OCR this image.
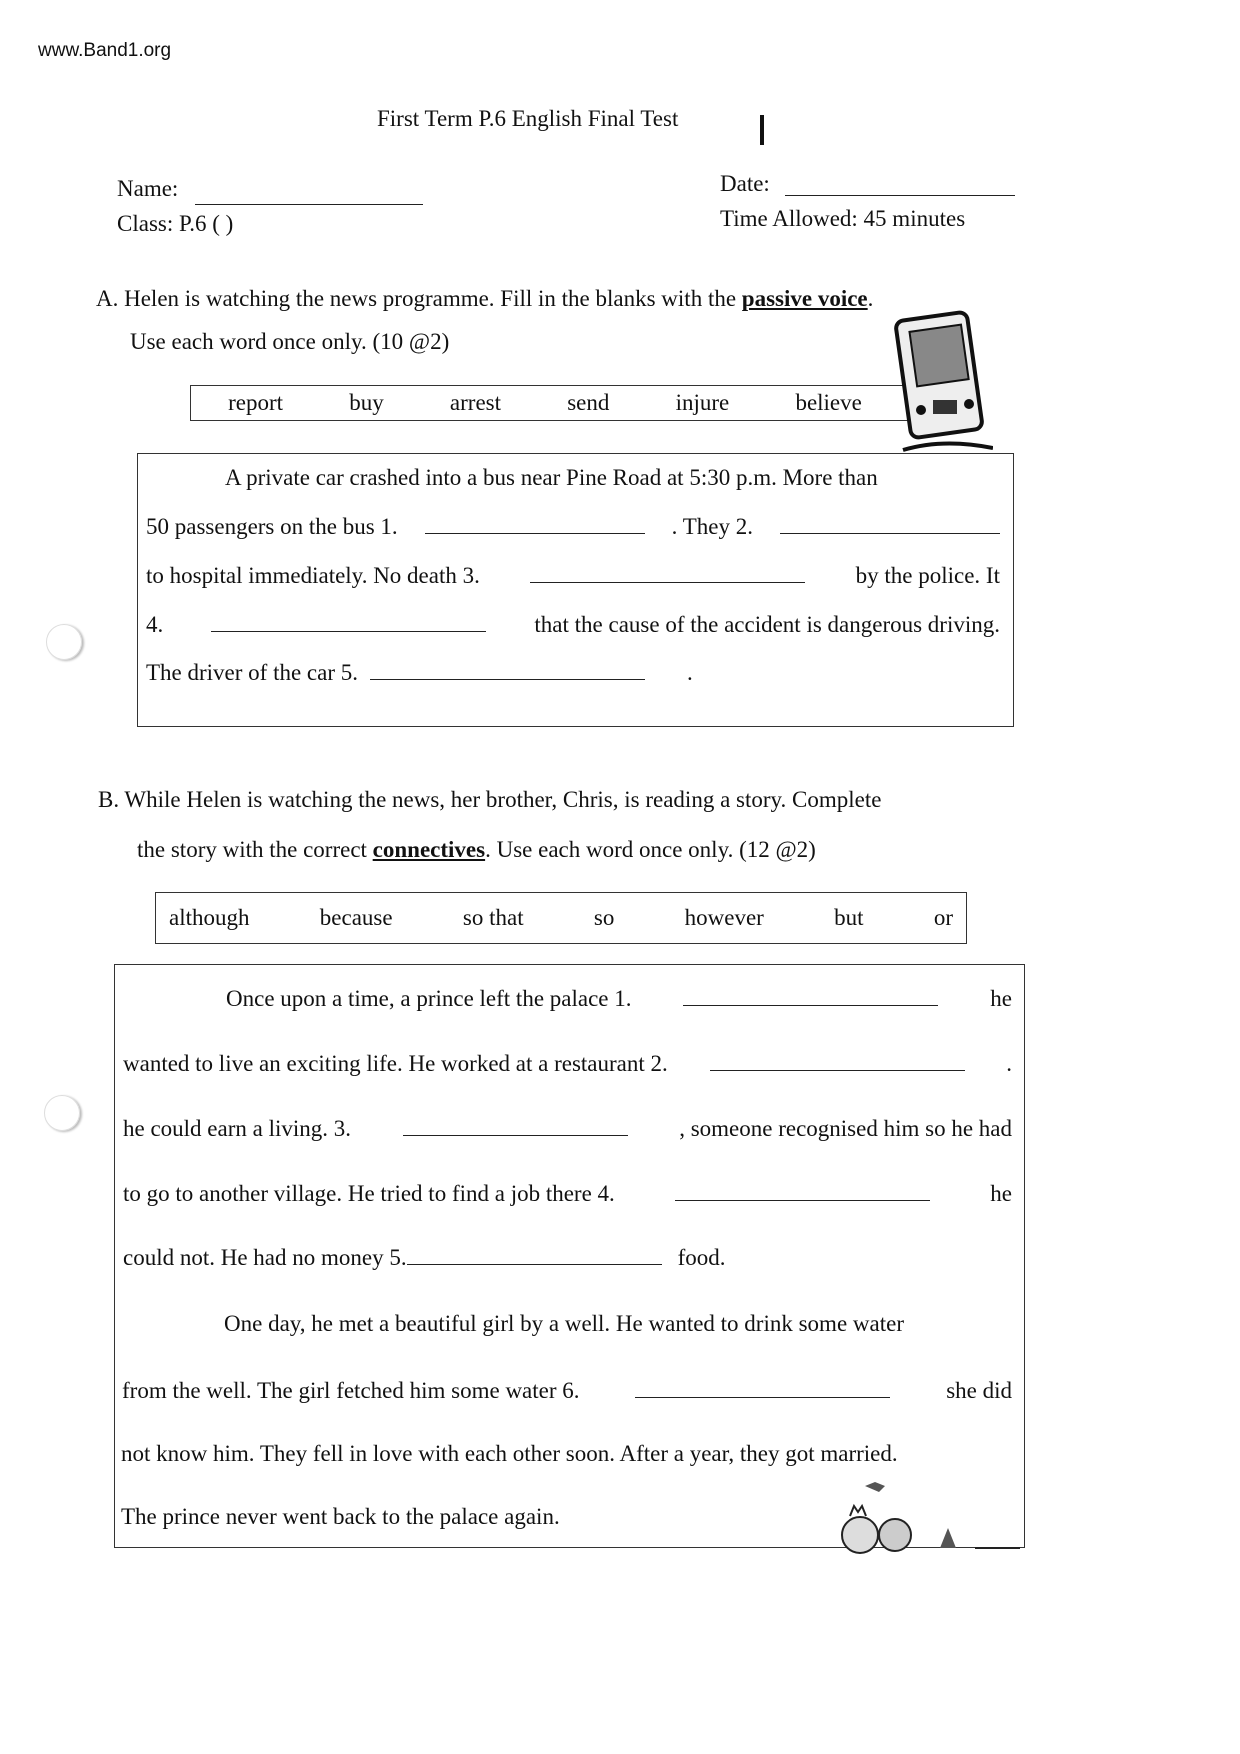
www.Band1.org
First Term P.6 English Final Test
Name:
Class: P.6 ( )
Date:
Time Allowed: 45 minutes
A. Helen is watching the news programme. Fill in the blanks with the passive voice.
Use each word once only. (10 @2)
report	buy	arrest	send	injure	believe
A private car crashed into a bus near Pine Road at 5:30 p.m. More than
50 passengers on the bus 1.	. They 2.
to hospital immediately. No death 3.	by the police. It
4.	that the cause of the accident is dangerous driving.
The driver of the car 5.	.
B. While Helen is watching the news, her brother, Chris, is reading a story. Complete
the story with the correct connectives. Use each word once only. (12 @2)
although	because	so that	so	however	but	or
Once upon a time, a prince left the palace 1.	he
wanted to live an exciting life. He worked at a restaurant 2.	.
he could earn a living. 3.	, someone recognised him so he had
to go to another village. He tried to find a job there 4.	he
could not. He had no money 5.	food.
One day, he met a beautiful girl by a well. He wanted to drink some water
from the well. The girl fetched him some water 6.	she did
not know him. They fell in love with each other soon. After a year, they got married.
The prince never went back to the palace again.
